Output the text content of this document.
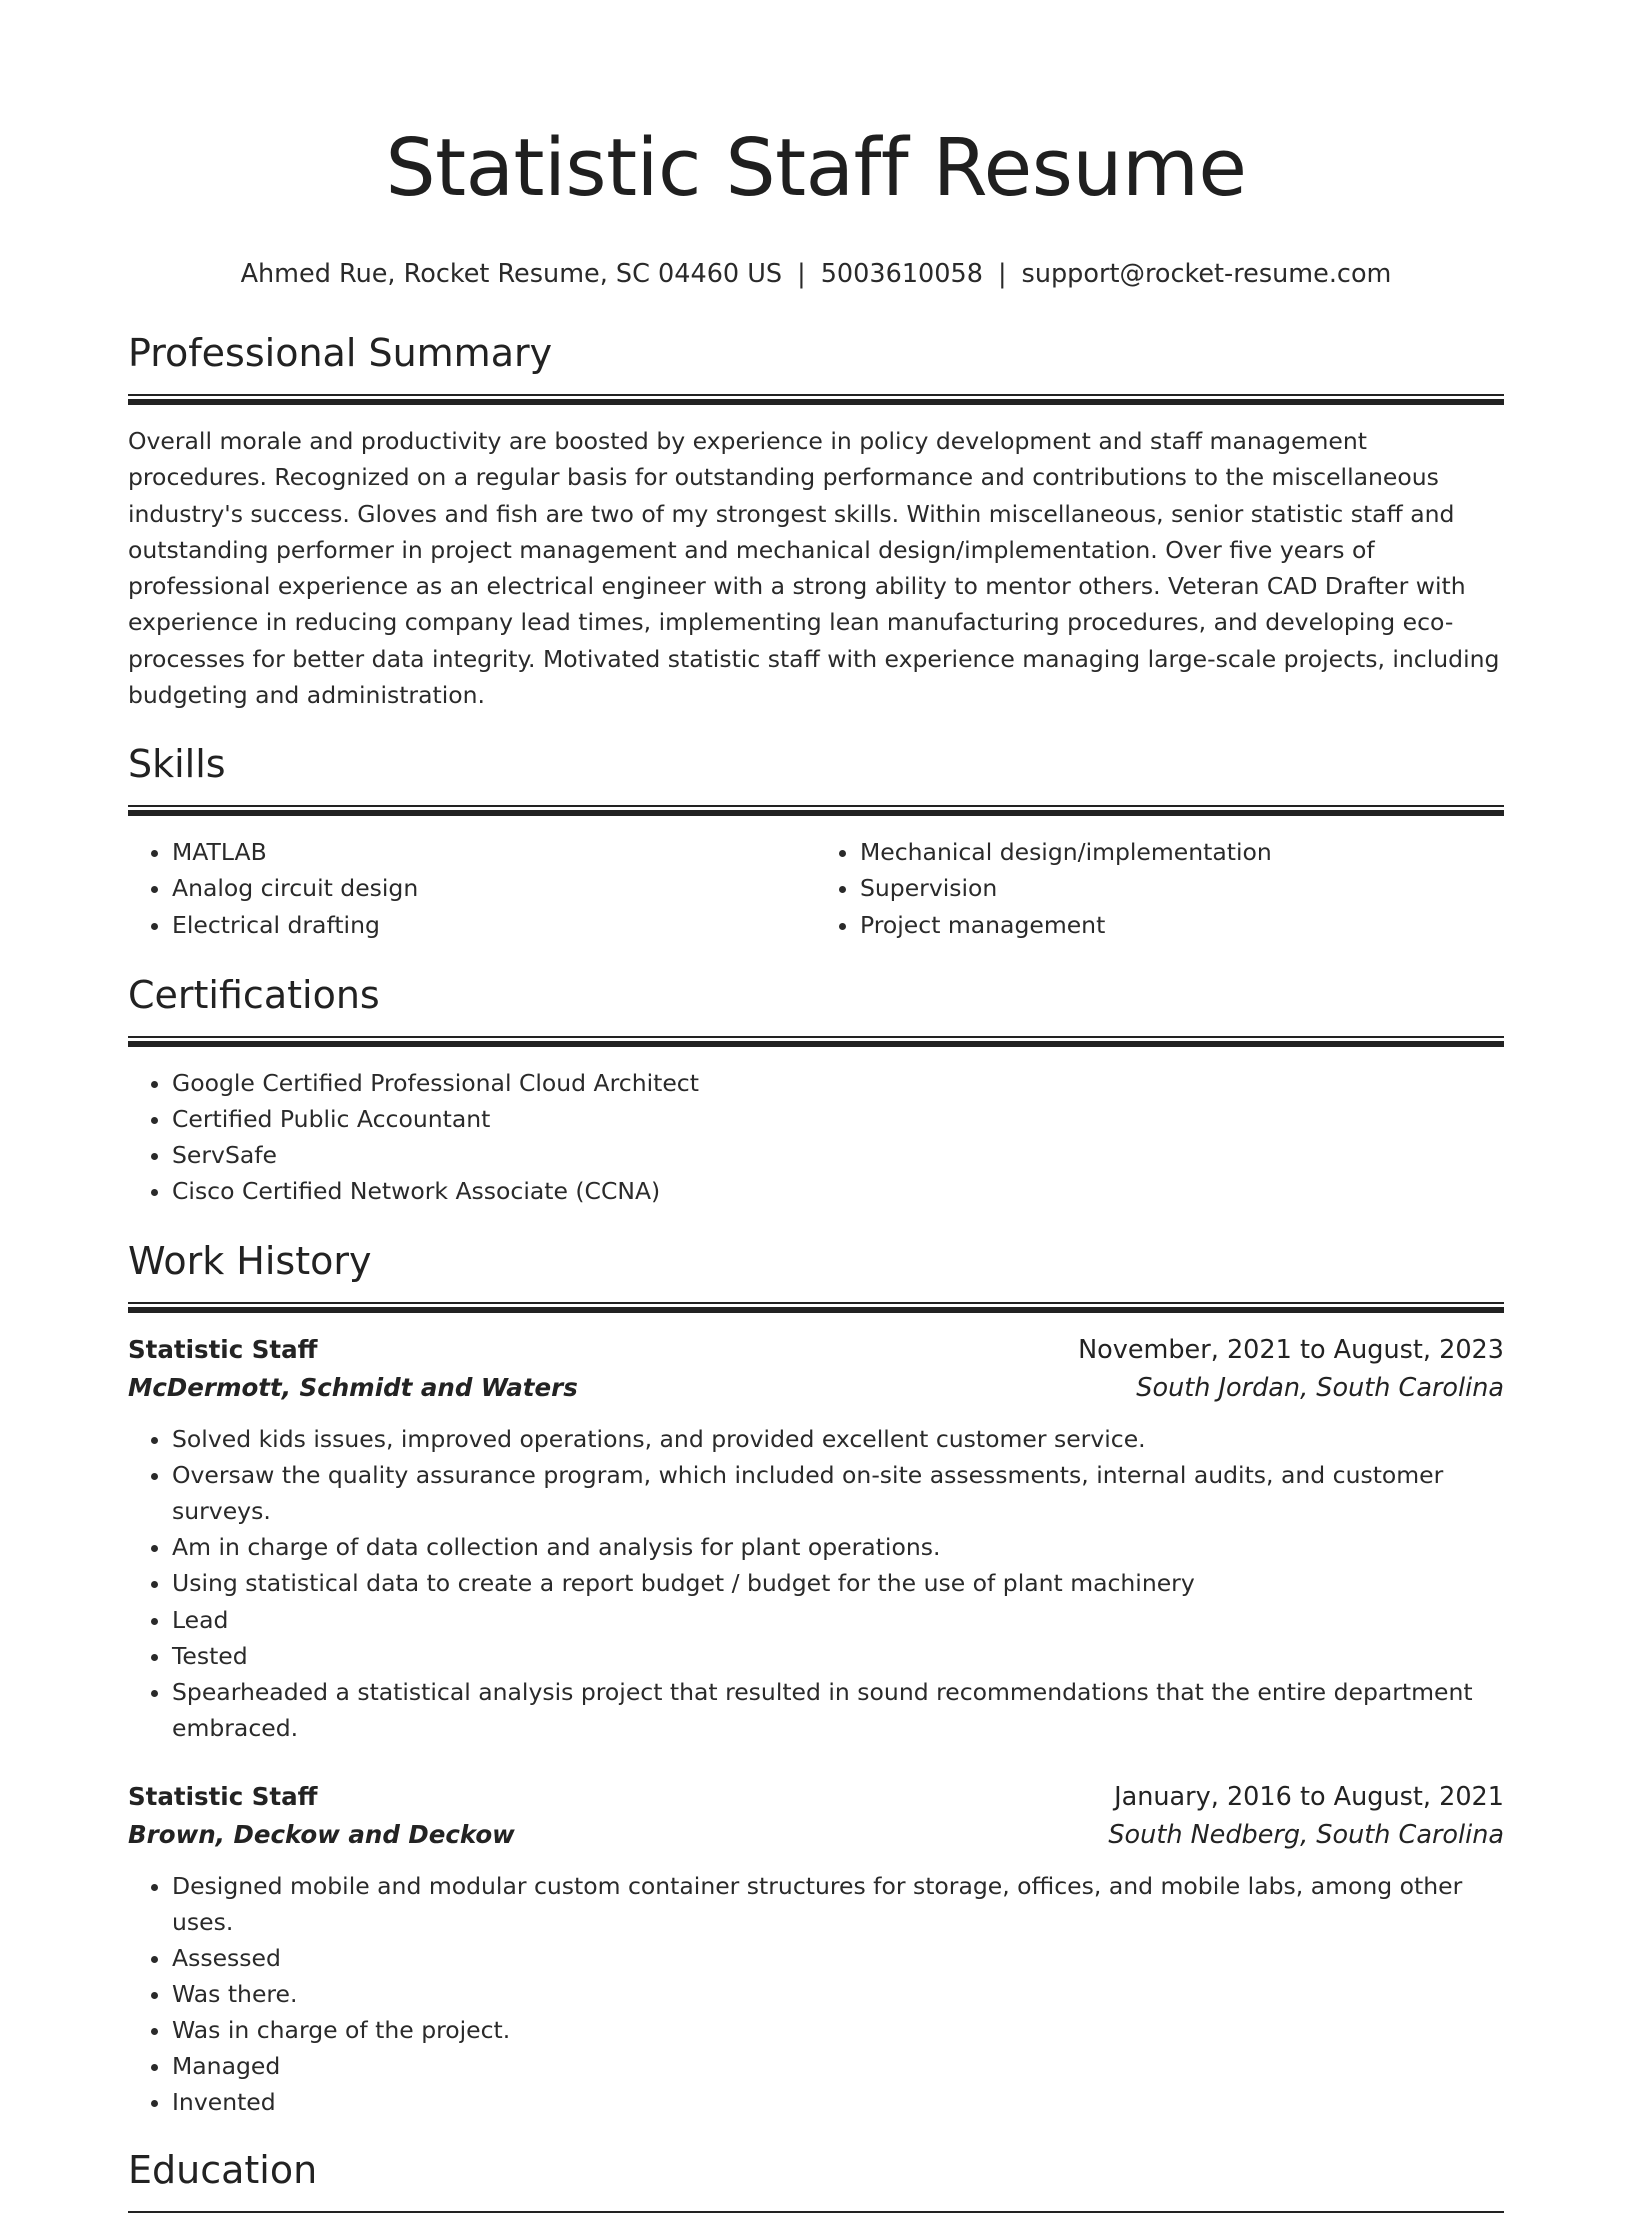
Statistic Staff Resume
Ahmed Rue, Rocket Resume, SC 04460 US | 5003610058 | support@rocket-resume.com
Professional Summary

Overall morale and productivity are boosted by experience in policy development and staff management procedures. Recognized on a regular basis for outstanding performance and contributions to the miscellaneous industry's success. Gloves and fish are two of my strongest skills. Within miscellaneous, senior statistic staff and outstanding performer in project management and mechanical design/implementation. Over five years of professional experience as an electrical engineer with a strong ability to mentor others. Veteran CAD Drafter with experience in reducing company lead times, implementing lean manufacturing procedures, and developing eco-processes for better data integrity. Motivated statistic staff with experience managing large-scale projects, including budgeting and administration.

Skills
• MATLAB
• Analog circuit design
• Electrical drafting
• Mechanical design/implementation
• Supervision
• Project management
Certifications
• Google Certified Professional Cloud Architect
• Certified Public Accountant
• ServSafe
• Cisco Certified Network Associate (CCNA)
Work History
Statistic Staff	November, 2021 to August, 2023
McDermott, Schmidt and Waters	South Jordan, South Carolina
• Solved kids issues, improved operations, and provided excellent customer service.
• Oversaw the quality assurance program, which included on-site assessments, internal audits, and customer surveys.
• Am in charge of data collection and analysis for plant operations.
• Using statistical data to create a report budget / budget for the use of plant machinery
• Lead
• Tested
• Spearheaded a statistical analysis project that resulted in sound recommendations that the entire department embraced.
Statistic Staff	January, 2016 to August, 2021
Brown, Deckow and Deckow	South Nedberg, South Carolina
• Designed mobile and modular custom container structures for storage, offices, and mobile labs, among other uses.
• Assessed
• Was there.
• Was in charge of the project.
• Managed
• Invented
Education
